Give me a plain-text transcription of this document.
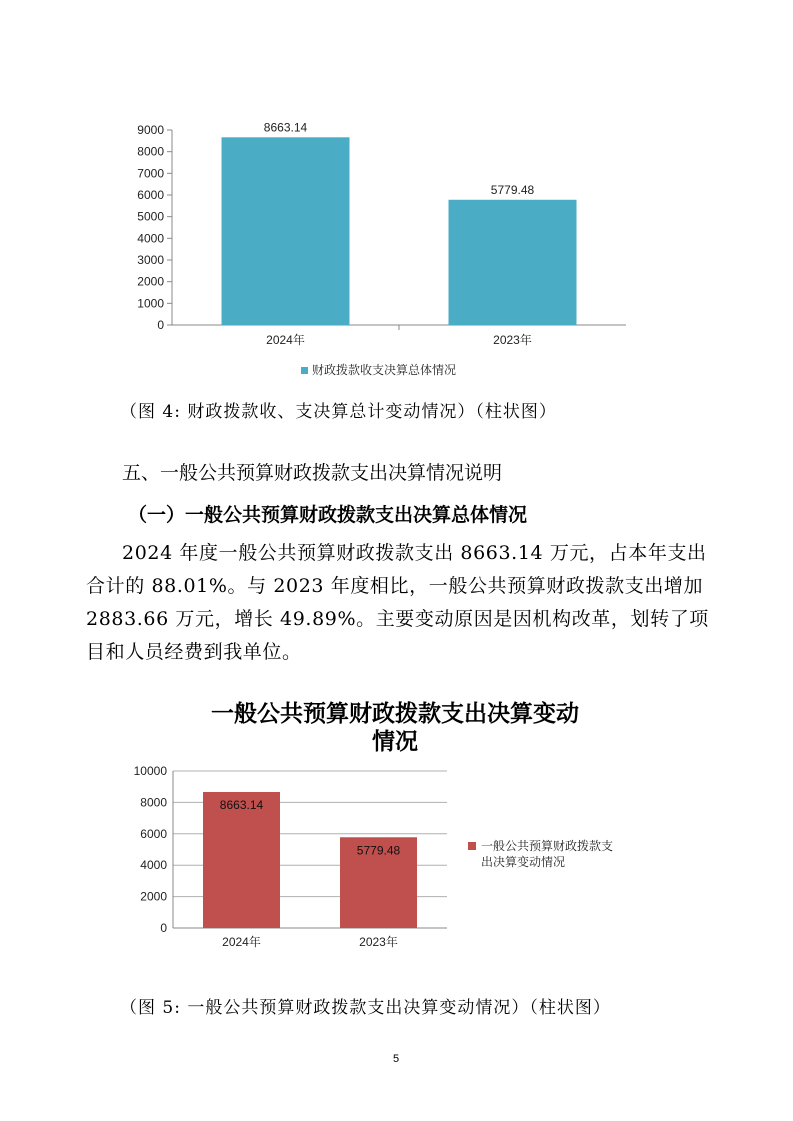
0
1000
2000
3000
4000
5000
6000
7000
8000
9000	8663.14
2024年
5779.48
2023年
财政拨款收支决算总体情况
（图 4: 财政拨款收、支决算总计变动情况）（柱状图）
五、一般公共预算财政拨款支出决算情况说明
（一）一般公共预算财政拨款支出决算总体情况
2024 年度一般公共预算财政拨款支出 8663.14 万元，占本年支出
合计的 88.01%。与 2023 年度相比，一般公共预算财政拨款支出增加
2883.66 万元，增长 49.89%。主要变动原因是因机构改革，划转了项
目和人员经费到我单位。
一般公共预算财政拨款支出决算变动
情况
0
2000
4000
6000
8000
10000
8663.14
2024年
5779.48
2023年
一般公共预算财政拨款支
出决算变动情况
（图 5: 一般公共预算财政拨款支出决算变动情况）（柱状图）
5
